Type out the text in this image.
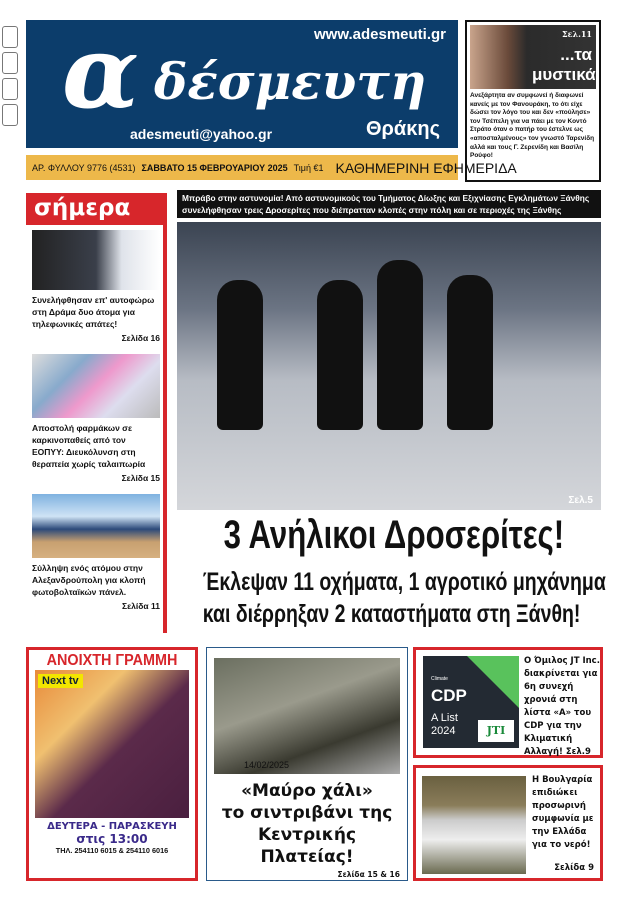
α δέσμευτη
www.adesmeuti.gr
adesmeuti@yahoo.gr	Θράκης
ΑΡ. ΦΥΛΛΟΥ 9776 (4531) ΣΑΒΒΑΤΟ 15 ΦΕΒΡΟΥΑΡΙΟΥ 2025 Τιμή €1 ΚΑΘΗΜΕΡΙΝΗ ΕΦΗΜΕΡΙΔΑ
Σελ.11
...τα μυστικά

Ανεξάρτητα αν συμφωνεί ή διαφωνεί κανείς με τον Φανουράκη, το ότι είχε δώσει τον λόγο του και δεν «πούλησε» τον Τσέπελη για να πάει με τον Κοντό Στράτο όταν ο πατήρ του έστελνε ως «αποσταλμένους» τον γνωστό Ταρενίδη αλλά και τους Γ. Ζερενίδη και Βασίλη Ρούφο!

σήμερα

Συνελήφθησαν επ' αυτοφώρω στη Δράμα δυο άτομα για τηλεφωνικές απάτες!

Σελίδα 16

Αποστολή φαρμάκων σε καρκινοπαθείς από τον ΕΟΠΥΥ: Διευκόλυνση στη θεραπεία χωρίς ταλαιπωρία

Σελίδα 15

Σύλληψη ενός ατόμου στην Αλεξανδρούπολη για κλοπή φωτοβολταϊκών πάνελ.

Σελίδα 11
Μπράβο στην αστυνομία! Από αστυνομικούς του Τμήματος Δίωξης και Εξιχνίασης Εγκλημάτων Ξάνθης
συνελήφθησαν τρεις Δροσερίτες που διέπρατταν κλοπές στην πόλη και σε περιοχές της Ξάνθης
Σελ.5
3 Ανήλικοι Δροσερίτες!
Έκλεψαν 11 οχήματα, 1 αγροτικό μηχάνημα
και διέρρηξαν 2 καταστήματα στη Ξάνθη!
ΑΝΟΙΧΤΗ ΓΡΑΜΜΗ
Next tv
ΔΕΥΤΕΡΑ - ΠΑΡΑΣΚΕΥΗ
στις 13:00
ΤΗΛ. 254110 6015 & 254110 6016
14/02/2025
«Μαύρο χάλι»
το σιντριβάνι της
Κεντρικής Πλατείας!
Σελίδα 15 & 16
Climate
CDP
A List
2024	JTI
Ο Όμιλος JT Inc. διακρίνεται για 6η συνεχή χρονιά στη λίστα «Α» του CDP για την Κλιματική Αλλαγή! Σελ.9
Η Βουλγαρία επιδιώκει προσωρινή συμφωνία με την Ελλάδα για το νερό!
Σελίδα 9
